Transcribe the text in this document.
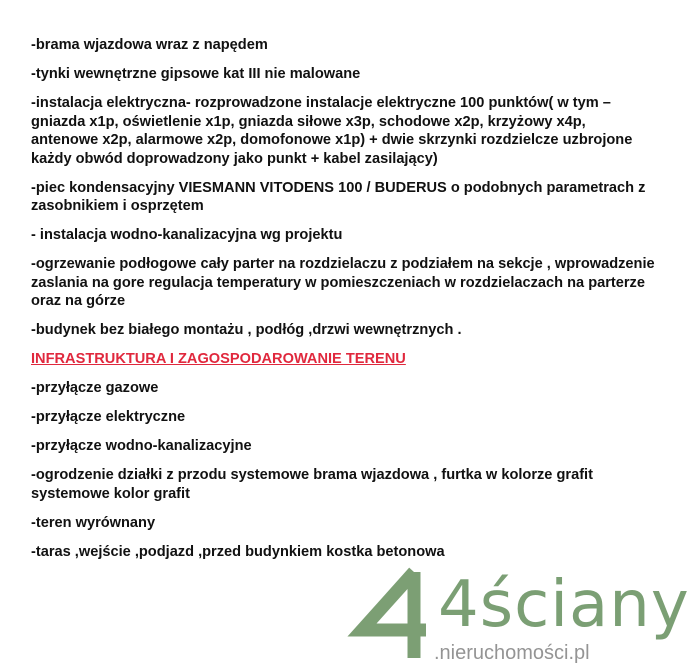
-brama wjazdowa wraz z napędem

-tynki wewnętrzne gipsowe kat III nie malowane

-instalacja elektryczna- rozprowadzone instalacje elektryczne 100 punktów( w tym – gniazda x1p, oświetlenie x1p, gniazda siłowe x3p, schodowe x2p, krzyżowy x4p, antenowe x2p, alarmowe x2p, domofonowe x1p) + dwie skrzynki rozdzielcze uzbrojone każdy obwód doprowadzony jako punkt + kabel zasilający)

-piec kondensacyjny VIESMANN VITODENS 100 / BUDERUS o podobnych parametrach z zasobnikiem i osprzętem

- instalacja wodno-kanalizacyjna wg projektu

-ogrzewanie podłogowe cały parter na rozdzielaczu z podziałem na sekcje , wprowadzenie zaslania na gore regulacja temperatury w pomieszczeniach w rozdzielaczach na parterze oraz na górze

-budynek bez białego montażu , podłóg ,drzwi wewnętrznych .

INFRASTRUKTURA I ZAGOSPODAROWANIE TERENU

-przyłącze gazowe

-przyłącze elektryczne

-przyłącze wodno-kanalizacyjne

-ogrodzenie działki z przodu systemowe brama wjazdowa , furtka w kolorze grafit systemowe kolor grafit

-teren wyrównany

-taras ,wejście ,podjazd ,przed budynkiem kostka betonowa

4ściany
.nieruchomości.pl
